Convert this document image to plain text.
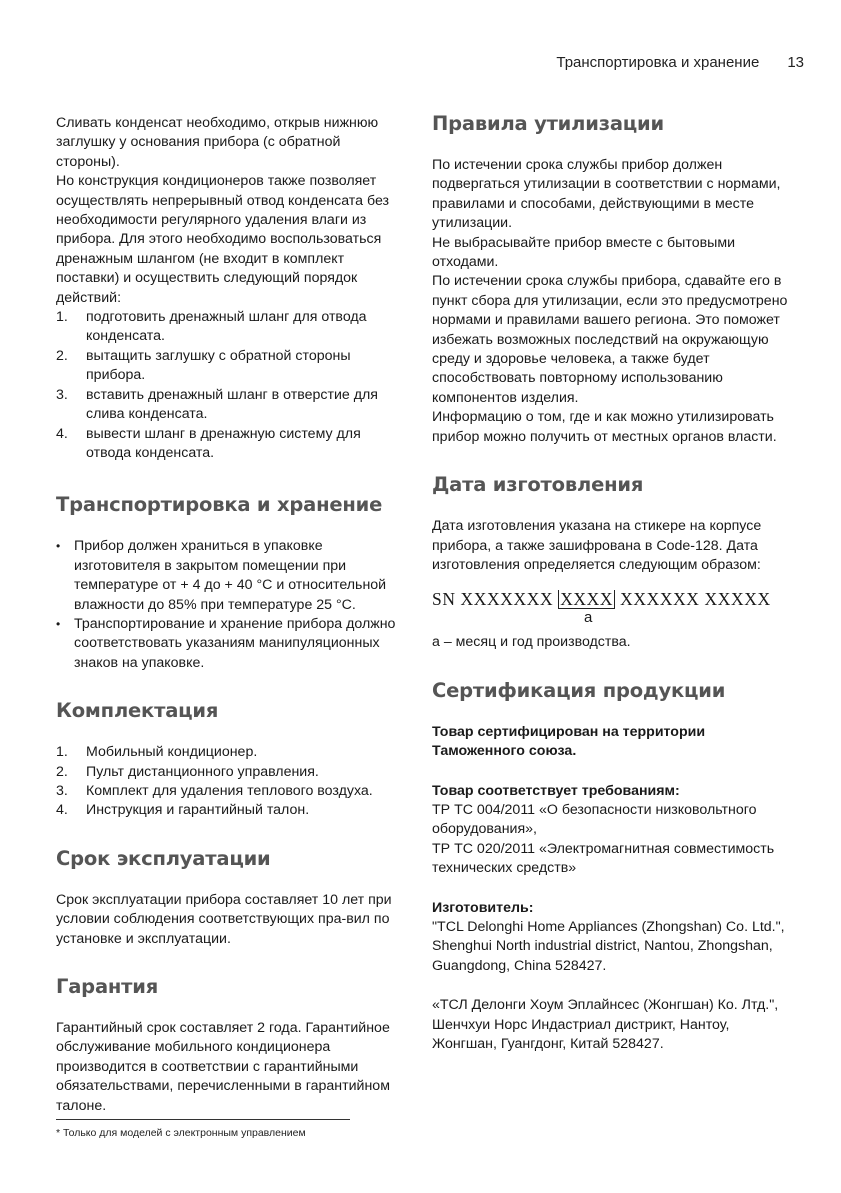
Транспортировка и хранение 13

Сливать конденсат необходимо, открыв нижнюю заглушку у основания прибора (с обратной стороны).

Но конструкция кондиционеров также позволяет осуществлять непрерывный отвод конденсата без необходимости регулярного удаления влаги из прибора. Для этого необходимо воспользоваться дренажным шлангом (не входит в комплект поставки) и осуществить следующий порядок действий:

1.	подготовить дренажный шланг для отвода конденсата.
2.	вытащить заглушку с обратной стороны прибора.
3.	вставить дренажный шланг в отверстие для слива конденсата.
4.	вывести шланг в дренажную систему для отвода конденсата.
Транспортировка и хранение
• Прибор должен храниться в упаковке изготовителя в закрытом помещении при температуре от + 4 до + 40 °C и относительной влажности до 85% при температуре 25 °C.
• Транспортирование и хранение прибора должно соответствовать указаниям манипуляционных знаков на упаковке.
Комплектация
1.	Мобильный кондиционер.
2.	Пульт дистанционного управления.
3.	Комплект для удаления теплового воздуха.
4.	Инструкция и гарантийный талон.
Срок эксплуатации

Срок эксплуатации прибора составляет 10 лет при условии соблюдения соответствующих пра-вил по установке и эксплуатации.

Гарантия

Гарантийный срок составляет 2 года. Гарантийное обслуживание мобильного кондиционера производится в соответствии с гарантийными обязательствами, перечисленными в гарантийном талоне.

Правила утилизации

По истечении срока службы прибор должен подвергаться утилизации в соответствии с нормами, правилами и способами, действующими в месте утилизации.

Не выбрасывайте прибор вместе с бытовыми отходами.

По истечении срока службы прибора, сдавайте его в пункт сбора для утилизации, если это предусмотрено нормами и правилами вашего региона. Это поможет избежать возможных последствий на окружающую среду и здоровье человека, а также будет способствовать повторному использованию компонентов изделия.

Информацию о том, где и как можно утилизировать прибор можно получить от местных органов власти.

Дата изготовления

Дата изготовления указана на стикере на корпусе прибора, а также зашифрована в Code-128. Дата изготовления определяется следующим образом:

SN XXXXXXX XXXX XXXXXX XXXXX
a

a – месяц и год производства.

Сертификация продукции

Товар сертифицирован на территории Таможенного союза.

Товар соответствует требованиям:

ТР ТС 004/2011 «О безопасности низковольтного оборудования»,

ТР ТС 020/2011 «Электромагнитная совместимость технических средств»

Изготовитель:

"TCL Delonghi Home Appliances (Zhongshan) Co. Ltd.", Shenghui North industrial district, Nantou, Zhongshan, Guangdong, China 528427.

«ТСЛ Делонги Хоум Эплайнсес (Жонгшан) Ко. Лтд.", Шенчхуи Норс Индастриал дистрикт, Нантоу, Жонгшан, Гуангдонг, Китай 528427.

* Только для моделей с электронным управлением
